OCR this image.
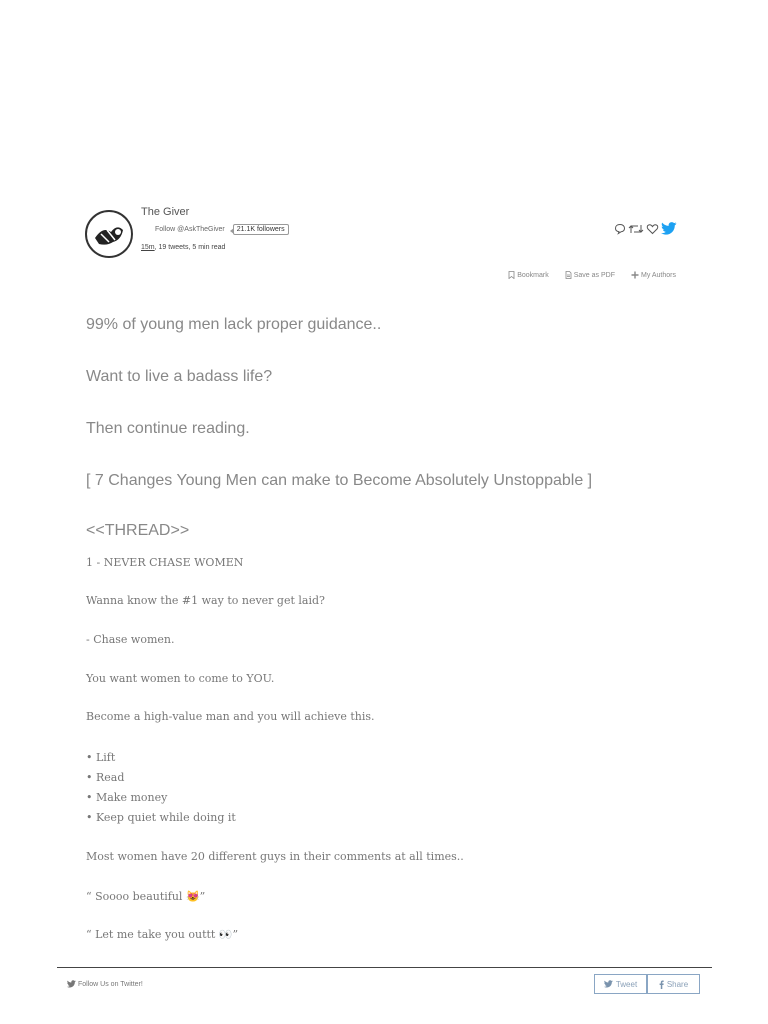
The Giver
Follow @AskTheGiver	21.1K followers
15m, 19 tweets, 5 min read
Bookmark	Save as PDF	My Authors
99% of young men lack proper guidance..
Want to live a badass life?
Then continue reading.
[ 7 Changes Young Men can make to Become Absolutely Unstoppable ]
<<THREAD>>
1 - NEVER CHASE WOMEN
Wanna know the #1 way to never get laid?
- Chase women.
You want women to come to YOU.
Become a high-value man and you will achieve this.
• Lift
• Read
• Make money
• Keep quiet while doing it
Most women have 20 different guys in their comments at all times..
“ Soooo beautiful 😻”
“ Let me take you outtt 👀”
Follow Us on Twitter!	Tweet	Share
